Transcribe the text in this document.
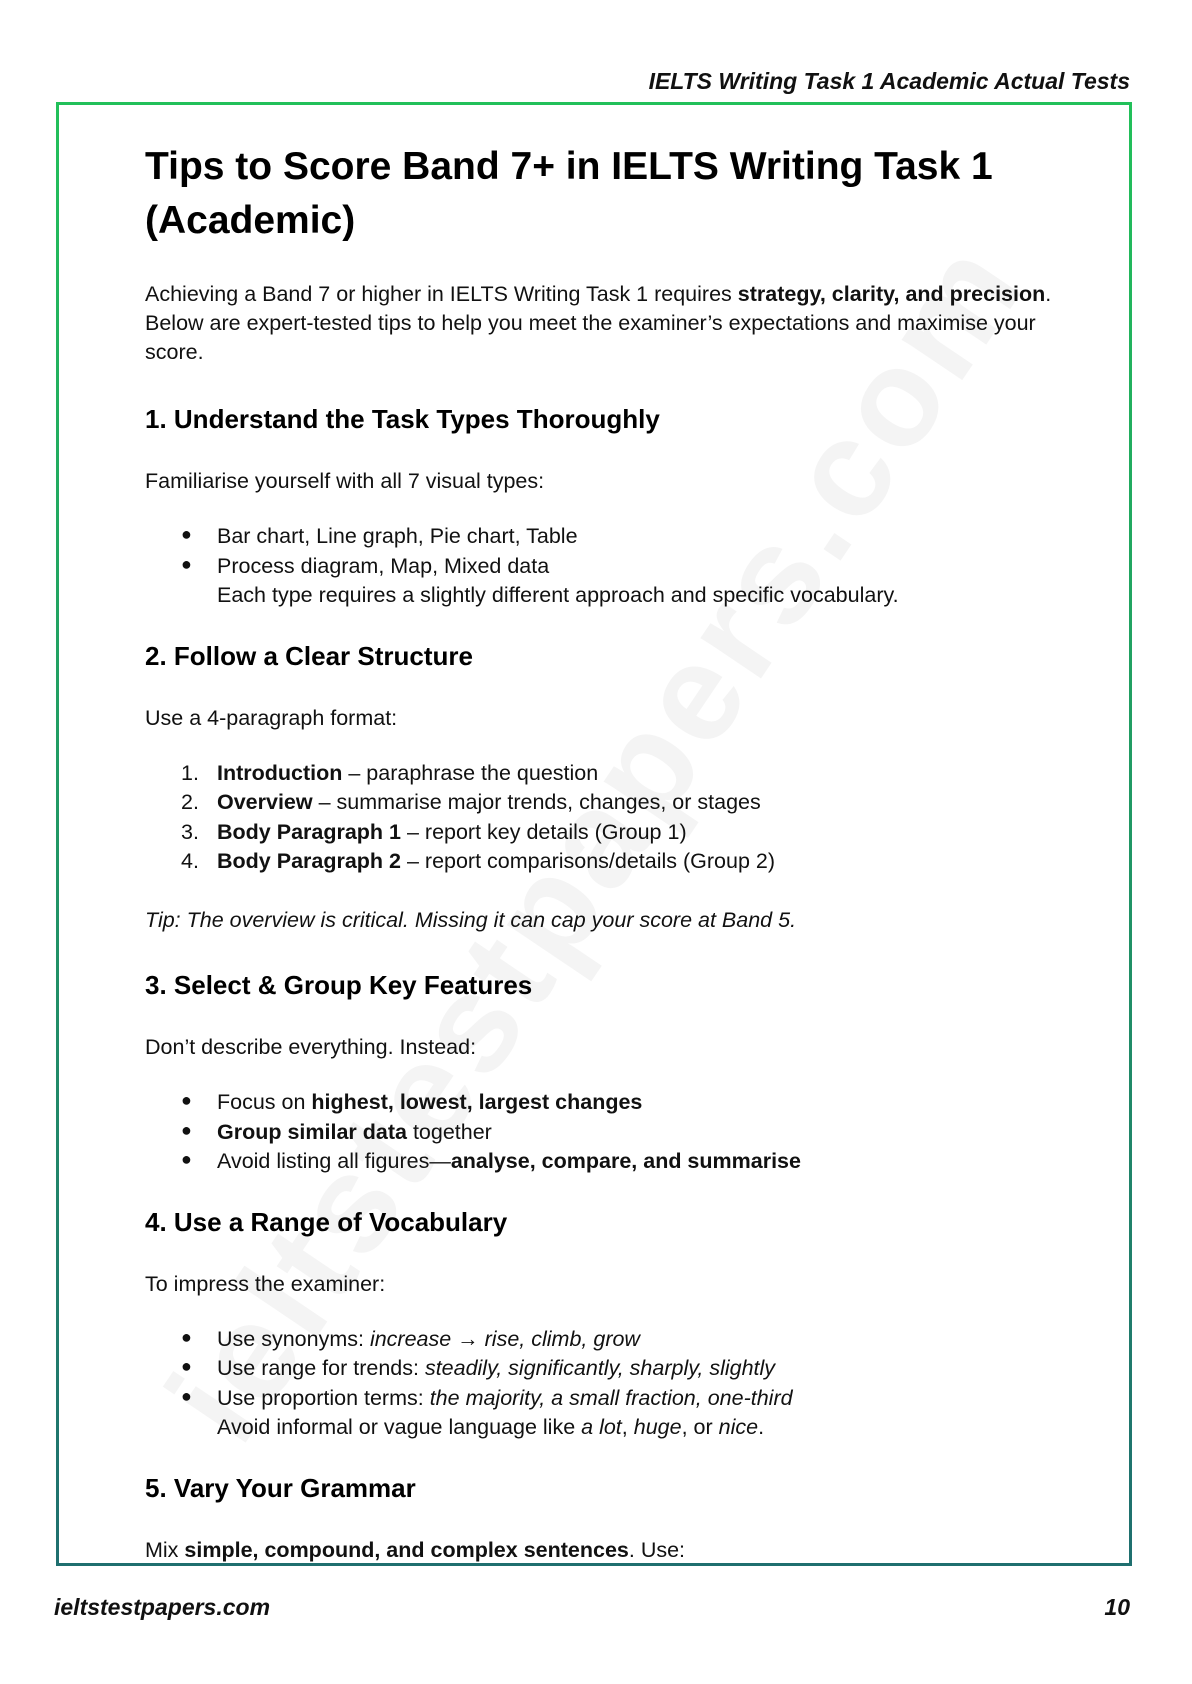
IELTS Writing Task 1 Academic Actual Tests
Tips to Score Band 7+ in IELTS Writing Task 1 (Academic)

Achieving a Band 7 or higher in IELTS Writing Task 1 requires strategy, clarity, and precision. Below are expert-tested tips to help you meet the examiner’s expectations and maximise your score.

1. Understand the Task Types Thoroughly

Familiarise yourself with all 7 visual types:

● Bar chart, Line graph, Pie chart, Table
● Process diagram, Map, Mixed data
Each type requires a slightly different approach and specific vocabulary.
2. Follow a Clear Structure

Use a 4-paragraph format:

1. Introduction – paraphrase the question
2. Overview – summarise major trends, changes, or stages
3. Body Paragraph 1 – report key details (Group 1)
4. Body Paragraph 2 – report comparisons/details (Group 2)

Tip: The overview is critical. Missing it can cap your score at Band 5.

3. Select & Group Key Features

Don’t describe everything. Instead:

● Focus on highest, lowest, largest changes
● Group similar data together
● Avoid listing all figures—analyse, compare, and summarise
4. Use a Range of Vocabulary

To impress the examiner:

● Use synonyms: increase → rise, climb, grow
● Use range for trends: steadily, significantly, sharply, slightly
● Use proportion terms: the majority, a small fraction, one-third
Avoid informal or vague language like a lot, huge, or nice.
5. Vary Your Grammar

Mix simple, compound, and complex sentences. Use:

ieltstestpapers.com	10
